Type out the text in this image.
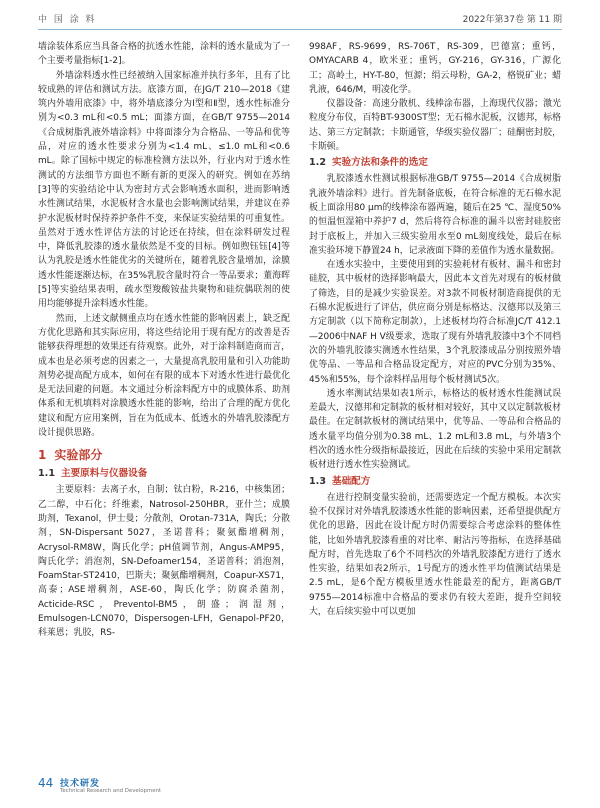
中 国 涂 料	2022年第37卷 第 11 期

墙涂装体系应当具备合格的抗透水性能，涂料的透水量成为了一个主要考量指标[1-2]。

外墙涂料透水性已经被纳入国家标准并执行多年，且有了比较成熟的评估和测试方法。底漆方面，在JG/T 210—2018《建筑内外墙用底漆》中，将外墙底漆分为Ⅰ型和Ⅱ型，透水性标准分别为<0.3 mL和<0.5 mL；面漆方面，在GB/T 9755—2014《合成树脂乳液外墙涂料》中将面漆分为合格品、一等品和优等品，对应的透水性要求分别为<1.4 mL、≤1.0 mL和<0.6 mL。除了国标中规定的标准检测方法以外，行业内对于透水性测试的方法细节方面也不断有新的更深入的研究。例如在苏纳[3]等的实验结论中认为密封方式会影响透水面积，进而影响透水性测试结果，水泥板材含水量也会影响测试结果，并建议在养护水泥板材时保持养护条件不变，来保证实验结果的可重复性。虽然对于透水性评估方法的讨论还在持续，但在涂料研发过程中，降低乳胶漆的透水量依然是不变的目标。例如煦钰钰[4]等认为乳胶是透水性能优劣的关键所在，随着乳胶含量增加，涂膜透水性能逐渐达标，在35%乳胶含量时符合一等品要求；董海晖[5]等实验结果表明，疏水型羧酸铵盐共聚物和硅烷偶联剂的使用均能够提升涂料透水性能。

然而，上述文献侧重点均在透水性能的影响因素上，缺乏配方优化思路和其实际应用，将这些结论用于现有配方的改善是否能够获得理想的效果还有待观察。此外，对于涂料制造商而言，成本也是必须考虑的因素之一，大量提高乳胶用量和引入功能助剂势必提高配方成本，如何在有限的成本下对透水性进行最优化是无法回避的问题。本文通过分析涂料配方中的成膜体系、助剂体系和无机填料对涂膜透水性能的影响，给出了合理的配方优化建议和配方应用案例，旨在为低成本、低透水的外墙乳胶漆配方设计提供思路。

1 实验部分
1.1 主要原料与仪器设备

主要原料：去离子水，自制；钛白粉，R-216，中核集团；乙二醇，中石化；纤维素，Natrosol-250HBR，亚什兰；成膜助剂，Texanol，伊士曼；分散剂，Orotan-731A，陶氏；分散剂，SN-Dispersant 5027，圣诺普科；聚氨酯增稠剂，Acrysol-RM8W，陶氏化学；pH值调节剂，Angus-AMP95，陶氏化学；消泡剂，SN-Defoamer154，圣诺普科；消泡剂，FoamStar-ST2410，巴斯夫；聚氨酯增稠剂，Coapur-XS71，高泰；ASE增稠剂，ASE-60，陶氏化学；防腐杀菌剂，Acticide-RSC，Preventol-BM5，朗盛；润湿剂，Emulsogen-LCN070，Dispersogen-LFH，Genapol-PF20，科莱恩；乳胶，RS-

998AF，RS-9699，RS-706T，RS-309，巴德富；重钙，OMYACARB 4，欧米亚；重钙，GY-216，GY-316，广源化工；高岭土，HY-T-80，恒源；绢云母粉，GA-2，格锐矿业；蜡乳液，646/M，明凌化学。

仪器设备：高速分散机、线棒涂布器，上海现代仪器；激光粒度分布仪，百特BT-9300ST型；无石棉水泥板，汉德邦，标格达、第三方定制款；卡斯通管，华级实验仪器厂；硅酮密封胶，卡斯顿。

1.2 实验方法和条件的选定

乳胶漆透水性测试根据标准GB/T 9755—2014《合成树脂乳液外墙涂料》进行。首先制备底板，在符合标准的无石棉水泥板上面涂用80 μm的线棒涂布器两遍，随后在25 ℃、湿度50%的恒温恒湿箱中养护7 d，然后将符合标准的漏斗以密封硅胶密封于底板上，并加入三级实验用水至0 mL刻度线处，最后在标准实验环境下静置24 h，记录液面下降的差值作为透水量数据。

在透水实验中，主要使用到的实验耗材有板材、漏斗和密封硅胶，其中板材的选择影响最大，因此本文首先对现有的板材做了筛选，目的是减少实验误差。对3款不同板材制造商提供的无石棉水泥板进行了评估，供应商分别是标格达、汉德邦以及第三方定制款（以下简称定制款），上述板材均符合标准JC/T 412.1—2006中NAF H Ⅴ级要求，选取了现有外墙乳胶漆中3个不同档次的外墙乳胶漆实测透水性结果，3个乳胶漆成品分别按照外墙优等品、一等品和合格品设定配方，对应的PVC分别为35%、45%和55%，每个涂料样品用每个板材测试5次。

透水率测试结果如表1所示，标格达的板材透水性能测试误差最大，汉德邦和定制款的板材相对较好，其中又以定制款板材最佳。在定制款板材的测试结果中，优等品、一等品和合格品的透水量平均值分别为0.38 mL、1.2 mL和3.8 mL，与外墙3个档次的透水性分级指标最接近，因此在后续的实验中采用定制款板材进行透水性实验测试。

1.3 基础配方

在进行控制变量实验前，还需要选定一个配方模板。本次实验不仅探讨对外墙乳胶漆透水性能的影响因素，还希望提供配方优化的思路，因此在设计配方时仍需要综合考虑涂料的整体性能，比如外墙乳胶漆看重的对比率、耐沾污等指标，在选择基础配方时，首先选取了6个不同档次的外墙乳胶漆配方进行了透水性实验，结果如表2所示，1号配方的透水性平均值测试结果是2.5 mL，是6个配方模板里透水性能最差的配方，距离GB/T 9755—2014标准中合格品的要求仍有较大差距，提升空间较大，在后续实验中可以更加

44 技术研发
Technical Research and Development
